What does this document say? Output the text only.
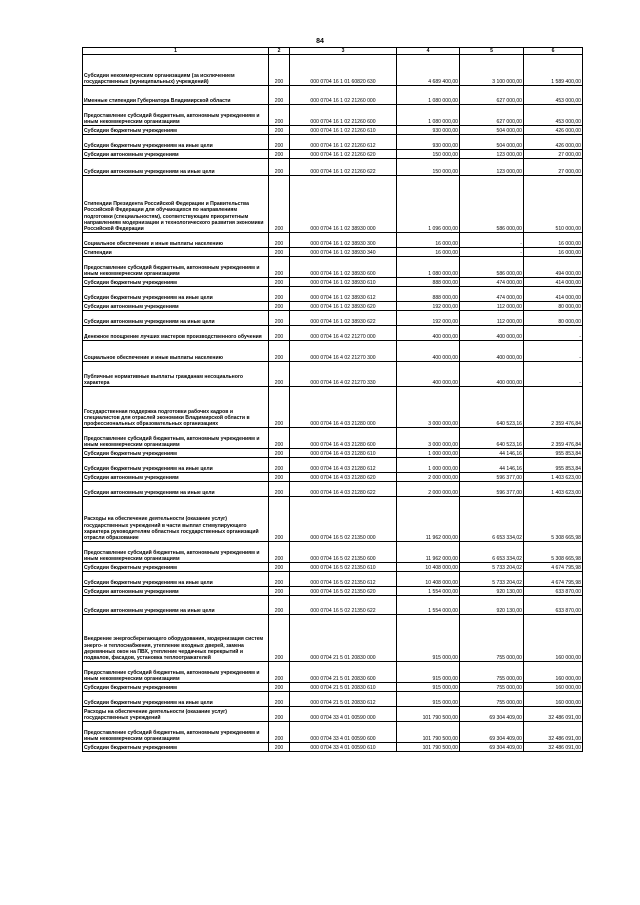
84
1	2	3	4	5	6
Субсидии некоммерческим организациям (за исключением государственных (муниципальных) учреждений)	200	000 0704 16 1 01 60820 630	4 689 400,00	3 100 000,00	1 589 400,00
Именные стипендии Губернатора Владимирской области	200	000 0704 16 1 02 21260 000	1 080 000,00	627 000,00	453 000,00
Предоставление субсидий бюджетным, автономным учреждениям и иным некоммерческим организациям	200	000 0704 16 1 02 21260 600	1 080 000,00	627 000,00	453 000,00
Субсидии бюджетным учреждениям	200	000 0704 16 1 02 21260 610	930 000,00	504 000,00	426 000,00
Субсидии бюджетным учреждениям на иные цели	200	000 0704 16 1 02 21260 612	930 000,00	504 000,00	426 000,00
Субсидии автономным учреждениям	200	000 0704 16 1 02 21260 620	150 000,00	123 000,00	27 000,00
Субсидии автономным учреждениям на иные цели	200	000 0704 16 1 02 21260 622	150 000,00	123 000,00	27 000,00
Стипендии Президента Российской Федерации и Правительства Российской Федерации для обучающихся по направлениям подготовки (специальностям), соответствующим приоритетным направлениям модернизации и технологического развития экономики Российской Федерации	200	000 0704 16 1 02 38930 000	1 096 000,00	586 000,00	510 000,00
Социальное обеспечение и иные выплаты населению	200	000 0704 16 1 02 38930 300	16 000,00	-	16 000,00
Стипендии	200	000 0704 16 1 02 38930 340	16 000,00	-	16 000,00
Предоставление субсидий бюджетным, автономным учреждениям и иным некоммерческим организациям	200	000 0704 16 1 02 38930 600	1 080 000,00	586 000,00	494 000,00
Субсидии бюджетным учреждениям	200	000 0704 16 1 02 38930 610	888 000,00	474 000,00	414 000,00
Субсидии бюджетным учреждениям на иные цели	200	000 0704 16 1 02 38930 612	888 000,00	474 000,00	414 000,00
Субсидии автономным учреждениям	200	000 0704 16 1 02 38930 620	192 000,00	112 000,00	80 000,00
Субсидии автономным учреждениям на иные цели	200	000 0704 16 1 02 38930 622	192 000,00	112 000,00	80 000,00
Денежное поощрение лучших мастеров производственного обучения	200	000 0704 16 4 02 21270 000	400 000,00	400 000,00	-
Социальное обеспечение и иные выплаты населению	200	000 0704 16 4 02 21270 300	400 000,00	400 000,00	-
Публичные нормативные выплаты гражданам несоциального характера	200	000 0704 16 4 02 21270 330	400 000,00	400 000,00	-
Государственная поддержка подготовки рабочих кадров и специалистов для отраслей экономики Владимирской области в профессиональных образовательных организациях	200	000 0704 16 4 03 21280 000	3 000 000,00	640 523,16	2 359 476,84
Предоставление субсидий бюджетным, автономным учреждениям и иным некоммерческим организациям	200	000 0704 16 4 03 21280 600	3 000 000,00	640 523,16	2 359 476,84
Субсидии бюджетным учреждениям	200	000 0704 16 4 03 21280 610	1 000 000,00	44 146,16	955 853,84
Субсидии бюджетным учреждениям на иные цели	200	000 0704 16 4 03 21280 612	1 000 000,00	44 146,16	955 853,84
Субсидии автономным учреждениям	200	000 0704 16 4 03 21280 620	2 000 000,00	596 377,00	1 403 623,00
Субсидии автономным учреждениям на иные цели	200	000 0704 16 4 03 21280 622	2 000 000,00	596 377,00	1 403 623,00
Расходы на обеспечение деятельности (оказание услуг) государственных учреждений в части выплат стимулирующего характера руководителям областных государственных организаций отрасли образование	200	000 0704 16 5 02 21350 000	11 962 000,00	6 653 334,02	5 308 665,98
Предоставление субсидий бюджетным, автономным учреждениям и иным некоммерческим организациям	200	000 0704 16 5 02 21350 600	11 962 000,00	6 653 334,02	5 308 665,98
Субсидии бюджетным учреждениям	200	000 0704 16 5 02 21350 610	10 408 000,00	5 733 204,02	4 674 795,98
Субсидии бюджетным учреждениям на иные цели	200	000 0704 16 5 02 21350 612	10 408 000,00	5 733 204,02	4 674 795,98
Субсидии автономным учреждениям	200	000 0704 16 5 02 21350 620	1 554 000,00	920 130,00	633 870,00
Субсидии автономным учреждениям на иные цели	200	000 0704 16 5 02 21350 622	1 554 000,00	920 130,00	633 870,00
Внедрение энергосберегающего оборудования, модернизация систем энерго- и теплоснабжения, утепление входных дверей, замена деревянных окон на ПВХ, утепление чердачных перекрытий и подвалов, фасадов, установка теплоотражателей	200	000 0704 21 5 01 20830 000	915 000,00	755 000,00	160 000,00
Предоставление субсидий бюджетным, автономным учреждениям и иным некоммерческим организациям	200	000 0704 21 5 01 20830 600	915 000,00	755 000,00	160 000,00
Субсидии бюджетным учреждениям	200	000 0704 21 5 01 20830 610	915 000,00	755 000,00	160 000,00
Субсидии бюджетным учреждениям на иные цели	200	000 0704 21 5 01 20830 612	915 000,00	755 000,00	160 000,00
Расходы на обеспечение деятельности (оказание услуг) государственных учреждений	200	000 0704 33 4 01 00590 000	101 790 500,00	69 304 409,00	32 486 091,00
Предоставление субсидий бюджетным, автономным учреждениям и иным некоммерческим организациям	200	000 0704 33 4 01 00590 600	101 790 500,00	69 304 409,00	32 486 091,00
Субсидии бюджетным учреждениям	200	000 0704 33 4 01 00590 610	101 790 500,00	69 304 409,00	32 486 091,00
